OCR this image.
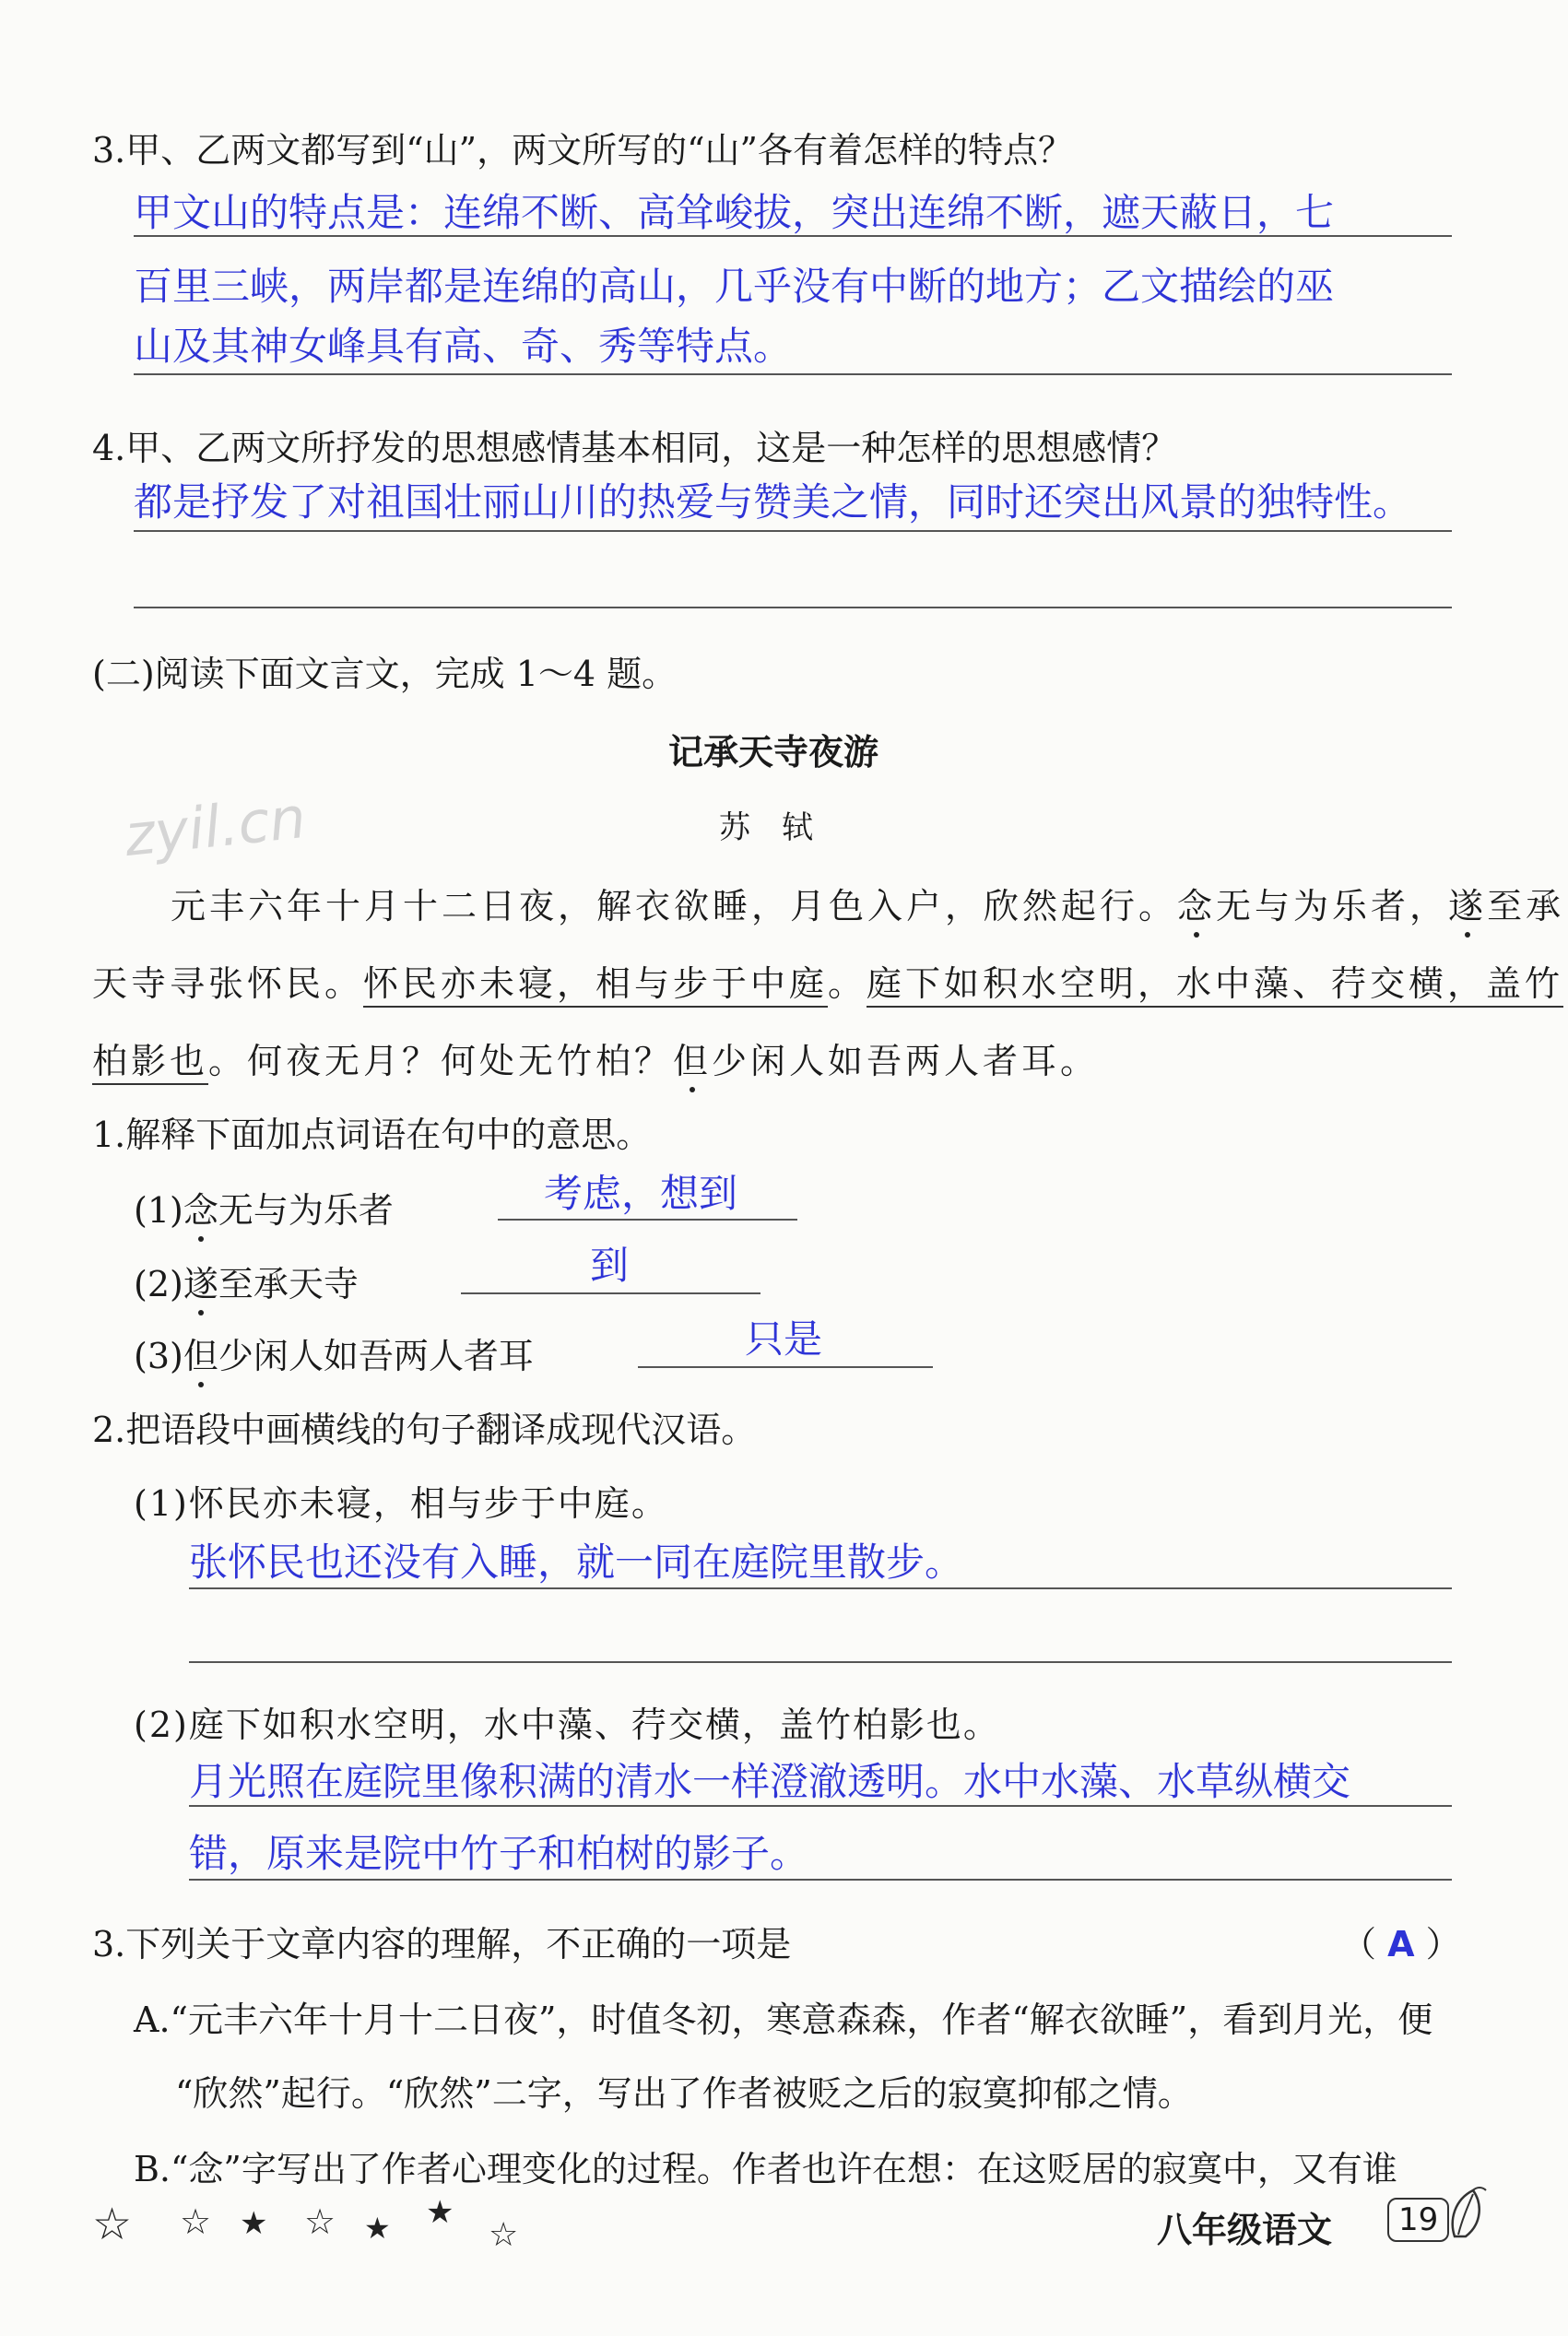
3.甲、乙两文都写到“山”，两文所写的“山”各有着怎样的特点？
甲文山的特点是：连绵不断、高耸峻拔，突出连绵不断，遮天蔽日，七
百里三峡，两岸都是连绵的高山，几乎没有中断的地方；乙文描绘的巫
山及其神女峰具有高、奇、秀等特点。
4.甲、乙两文所抒发的思想感情基本相同，这是一种怎样的思想感情？
都是抒发了对祖国壮丽山川的热爱与赞美之情，同时还突出风景的独特性。
(二)阅读下面文言文，完成 1～4 题。
记承天寺夜游
苏　轼
zyil.cn
元丰六年十月十二日夜，解衣欲睡，月色入户，欣然起行。念无与为乐者，遂至承
天寺寻张怀民。怀民亦未寝，相与步于中庭。庭下如积水空明，水中藻、荇交横，盖竹
柏影也。何夜无月？何处无竹柏？但少闲人如吾两人者耳。
1.解释下面加点词语在句中的意思。
(1)念无与为乐者	考虑，想到
(2)遂至承天寺	到
(3)但少闲人如吾两人者耳	只是
2.把语段中画横线的句子翻译成现代汉语。
(1)怀民亦未寝，相与步于中庭。
张怀民也还没有入睡，就一同在庭院里散步。
(2)庭下如积水空明，水中藻、荇交横，盖竹柏影也。
月光照在庭院里像积满的清水一样澄澈透明。水中水藻、水草纵横交
错，原来是院中竹子和柏树的影子。
3.下列关于文章内容的理解，不正确的一项是	（ A ）
A.“元丰六年十月十二日夜”，时值冬初，寒意森森，作者“解衣欲睡”，看到月光，便
“欣然”起行。“欣然”二字，写出了作者被贬之后的寂寞抑郁之情。
B.“念”字写出了作者心理变化的过程。作者也许在想：在这贬居的寂寞中，又有谁
☆ ☆ ★ ☆ ★ ★
☆	八年级语文	19
